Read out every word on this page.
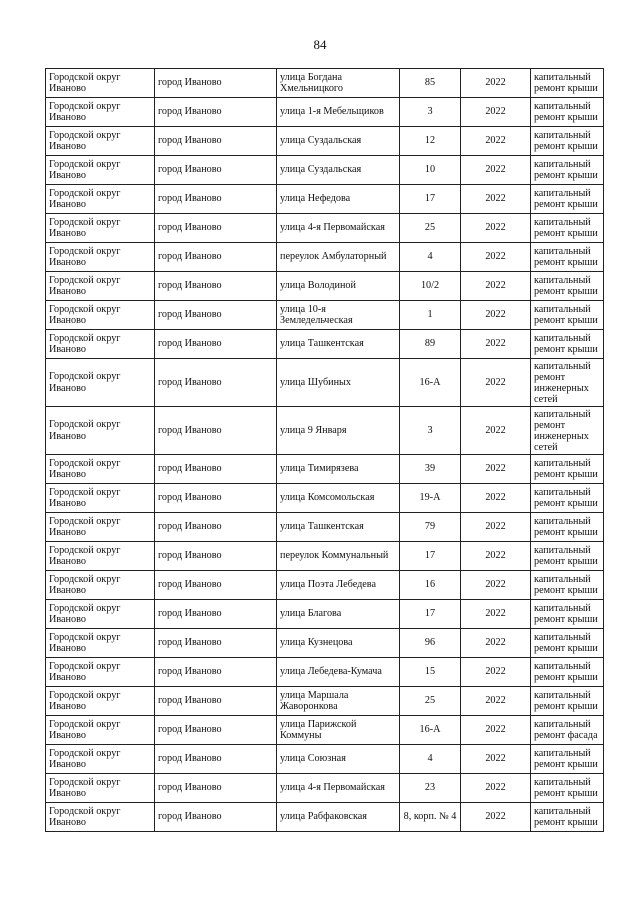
84
Городской округ Иваново	город Иваново	улица Богдана Хмельницкого	85	2022	капитальный ремонт крыши
Городской округ Иваново	город Иваново	улица 1-я Мебельщиков	3	2022	капитальный ремонт крыши
Городской округ Иваново	город Иваново	улица Суздальская	12	2022	капитальный ремонт крыши
Городской округ Иваново	город Иваново	улица Суздальская	10	2022	капитальный ремонт крыши
Городской округ Иваново	город Иваново	улица Нефедова	17	2022	капитальный ремонт крыши
Городской округ Иваново	город Иваново	улица 4-я Первомайская	25	2022	капитальный ремонт крыши
Городской округ Иваново	город Иваново	переулок Амбулаторный	4	2022	капитальный ремонт крыши
Городской округ Иваново	город Иваново	улица Володиной	10/2	2022	капитальный ремонт крыши
Городской округ Иваново	город Иваново	улица 10-я Земледельческая	1	2022	капитальный ремонт крыши
Городской округ Иваново	город Иваново	улица Ташкентская	89	2022	капитальный ремонт крыши
Городской округ Иваново	город Иваново	улица Шубиных	16-А	2022	капитальный ремонт инженерных сетей
Городской округ Иваново	город Иваново	улица 9 Января	3	2022	капитальный ремонт инженерных сетей
Городской округ Иваново	город Иваново	улица Тимирязева	39	2022	капитальный ремонт крыши
Городской округ Иваново	город Иваново	улица Комсомольская	19-А	2022	капитальный ремонт крыши
Городской округ Иваново	город Иваново	улица Ташкентская	79	2022	капитальный ремонт крыши
Городской округ Иваново	город Иваново	переулок Коммунальный	17	2022	капитальный ремонт крыши
Городской округ Иваново	город Иваново	улица Поэта Лебедева	16	2022	капитальный ремонт крыши
Городской округ Иваново	город Иваново	улица Благова	17	2022	капитальный ремонт крыши
Городской округ Иваново	город Иваново	улица Кузнецова	96	2022	капитальный ремонт крыши
Городской округ Иваново	город Иваново	улица Лебедева-Кумача	15	2022	капитальный ремонт крыши
Городской округ Иваново	город Иваново	улица Маршала Жаворонкова	25	2022	капитальный ремонт крыши
Городской округ Иваново	город Иваново	улица Парижской Коммуны	16-А	2022	капитальный ремонт фасада
Городской округ Иваново	город Иваново	улица Союзная	4	2022	капитальный ремонт крыши
Городской округ Иваново	город Иваново	улица 4-я Первомайская	23	2022	капитальный ремонт крыши
Городской округ Иваново	город Иваново	улица Рабфаковская	8, корп. № 4	2022	капитальный ремонт крыши
